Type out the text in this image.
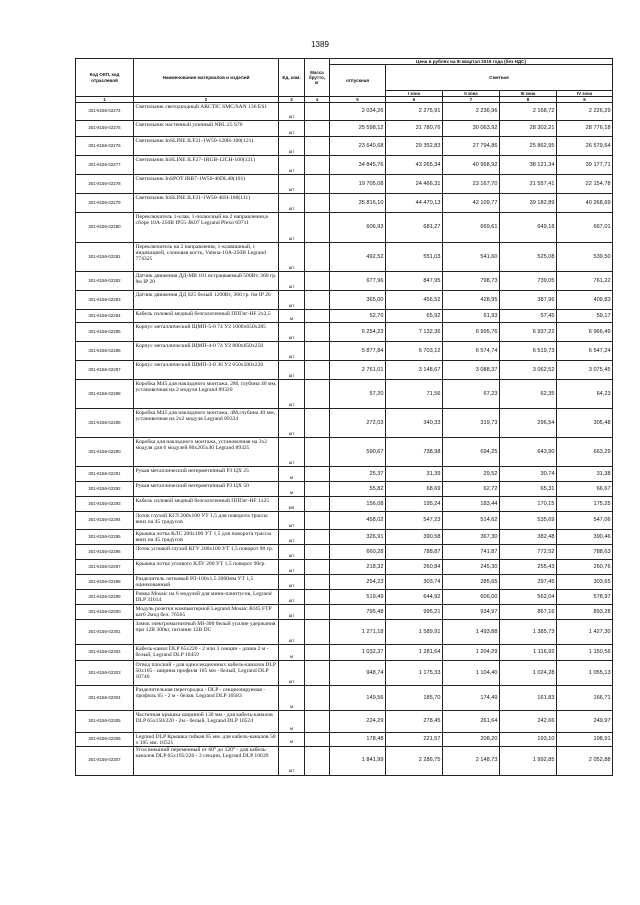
1389
Код ОКП, код отраслевой	Наименование материалов и изделий	Ед. изм.	Масса брутто, кг	Цена в рублях на III квартал 2019 года (без НДС)				
				отпускная	Сметная			
					I зона	II зона	III зона	IV зона
1	2	3	4	5	6	7	8	9
301-8156-02274	Светильник светодиодный ARCTIC SMC/SAN 136 ES1	шт		2 034,26	2 275,91	2 236,96	2 168,72	2 226,29
301-8156-02275	Светильник настенный уличный NBL 25 S70	шт		25 598,12	31 780,76	30 063,92	28 302,21	28 776,18
301-8156-02276	Светильник InSLINE ILF21-1W50-120H-100(121)	шт		23 640,68	29 352,83	27 794,86	25 862,95	26 579,64
301-8156-02277	Светильник InSLINE ILF27-1RGB-12CH-100(121)	шт		34 845,76	43 265,34	40 968,92	38 121,34	39 177,71
301-8156-02278	Светильник InSPOT IRB7-1W50-40DL48(101)	шт		19 705,08	24 466,31	23 167,70	21 557,41	22 154,78
301-8156-02279	Светильник InSLINE ILF21-1W50-46H-100(111)	шт		35 816,10	44 470,13	42 109,77	39 182,89	40 268,69
301-8156-02280	Переключатель 1-клав. 1-полюсный на 2 направления,в сборе 10A-250B IP55-JK07 Legrand Plexo 69711	шт		606,93	681,27	669,61	649,18	667,01
301-8156-02281	Переключатель на 2 направления, 1-клавишный, с индикацией, слоновая кость, Valena-10A-250B Legrand 774325	шт		492,52	551,03	541,60	525,08	539,50
301-8156-02282	Датчик движения ДД-МВ 101 встраиваемый 500Вт, 360 гр. 8м IP 20	шт		677,96	847,95	798,73	739,05	761,22
301-8156-02283	Датчик движения ДД 025 белый 1200Вт, 360 гр. 6м IP 20	шт		365,00	456,52	428,95	387,96	409,83
301-8156-02284	Кабель силовой медный безгалогенный ППГнг-HF 2х2,5	м		52,70	65,92	61,93	57,45	59,17
301-8156-02285	Корпус металлический ЩМП-5-0 74 У2 1000х650х285	шт		6 254,23	7 132,36	6 995,76	6 937,22	6 966,49
301-8156-02286	Корпус металлический ЩМП-4-0 74 У2 800х650х250	шт		5 877,84	6 703,12	6 574,74	6 519,73	6 547,24
301-8156-02287	Корпус металлический ЩМП-3-0 36 У2 650х500х220	шт		2 761,01	3 148,67	3 088,37	3 062,52	3 075,45
301-8156-02288	Коробка М45 для накладного монтажа, 2М, глубина 40 мм, установочная на 2 модуля Legrand 89320	шт		57,20	71,56	67,23	62,35	64,23
301-8156-02289	Коробка М45 для накладного монтажа, 4М,глубина 40 мм, установочная на 2х2 модуля Legrand 89324	шт		272,03	340,33	319,73	296,54	305,48
301-8156-02290	Коробка для накладного монтажа, установочная на 3х2 модуля для 6 модулей 80х205х40 Legrand 89325	шт		590,67	738,98	694,25	643,90	663,29
301-8156-02291	Рукав металлический негерметичный Р3 ЦХ 25	м		25,37	31,39	29,52	30,74	31,38
301-8156-02292	Рукав металлический негерметичный Р3 ЦХ 50	м		55,82	68,69	62,72	65,31	66,67
301-8156-02293	Кабель силовой медный безгалогенный ППГнг-HF 1х25	мп		156,08	195,24	183,44	170,15	175,25
301-8156-02294	Лоток глухой КГЛ 200х100 УТ 1,5 для поворота трассы вниз на 45 градусов	шт		458,02	547,23	514,62	535,69	547,06
301-8156-02295	Крышка лотка КЛС 200х100 УТ 1,5 для поворота трассы вниз на 45 градусов	шт		326,91	390,58	367,30	382,48	390,46
301-8156-02296	Лоток угловой глухой КГУ 200х100 УТ 1,5 поворот 90 гр.	шт		660,28	788,87	741,87	772,52	788,63
301-8156-02297	Крышка лотка углового КЛУ 200 УТ 1,5 поворот 90гр.	шт		218,32	260,84	245,30	255,43	260,76
301-8156-02298	Разделитель лотковый РЛ-100х1,5 2000мм УТ 1,5 оцинкованный	шт		254,23	303,74	285,65	297,45	303,65
301-8156-02299	Рамка Mosaic на 6 модулей для мини-плинтусов, Legrand DLP 31614	шт		519,49	644,92	606,00	562,04	578,97
301-8156-02300	Модуль розетки компьютерной Legrand Mosaic RJ45 FTP кат6 2мод бел. 76565	шт		795,48	995,21	934,97	867,16	893,28
301-8156-02301	Замок электромагнитный MI-300 белый усилие удержания при 12В 300кг, питание 12В DC	шт		1 271,18	1 589,91	1 493,88	1 385,73	1 427,30
301-8156-02302	Кабель-канал DLP 65х220 - 2 или 3 секции - длина 2 м - белый, Legrand DLP 10459	м		1 032,37	1 281,64	1 204,29	1 116,92	1 150,56
301-8156-02303	Отвод плоский - для односекционных кабель-каналов DLP 50х105 - ширина профиля 105 мм - белый, Legrand DLP 10740	шт		948,74	1 175,33	1 104,40	1 024,28	1 055,13
301-8156-02304	Разделительная перегородка - DLP - секционируемая - профиль 65 - 2 м - белая, Legrand DLP 10583	м		149,56	185,70	174,49	161,83	166,71
301-8156-02305	Частичная крышка шириной 130 мм - для кабель-каналов DLP 65х150/220 - 2м - белый, Legrand DLP 10524	м		224,29	278,45	261,64	242,66	249,97
301-8156-02306	Legrand DLP Крышка гибкая 65 мм. для кабель-каналов 50 х 105 мм. 10521	м		178,48	221,57	208,20	193,10	198,91
301-8156-02307	Угол внешний переменный от 60° до 120° - для кабель-каналов DLP 65х195/220 - 3 секции, Legrand DLP 10639	шт		1 841,99	2 286,75	2 148,73	1 992,85	2 052,88
